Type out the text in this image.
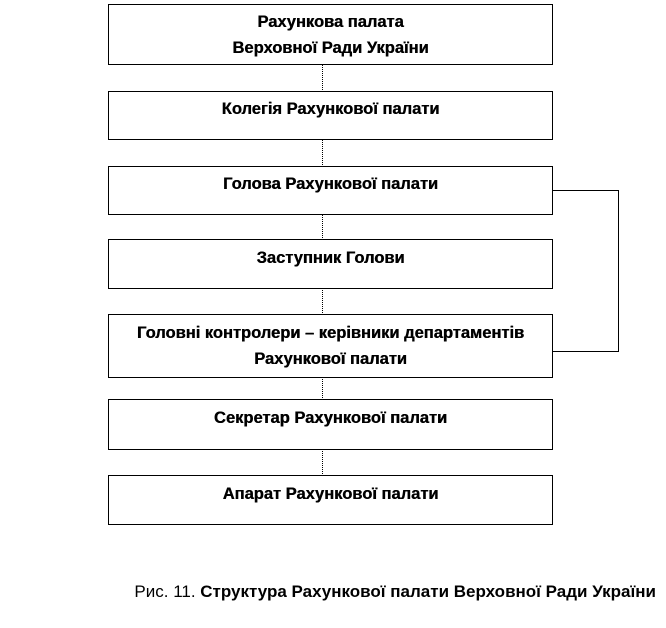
Рахункова палата
Верховної Ради України
Колегія Рахункової палати
Голова Рахункової палати
Заступник Голови
Головні контролери – керівники департаментів
Рахункової палати
Секретар Рахункової палати
Апарат Рахункової палати
Рис. 11. Структура Рахункової палати Верховної Ради України
